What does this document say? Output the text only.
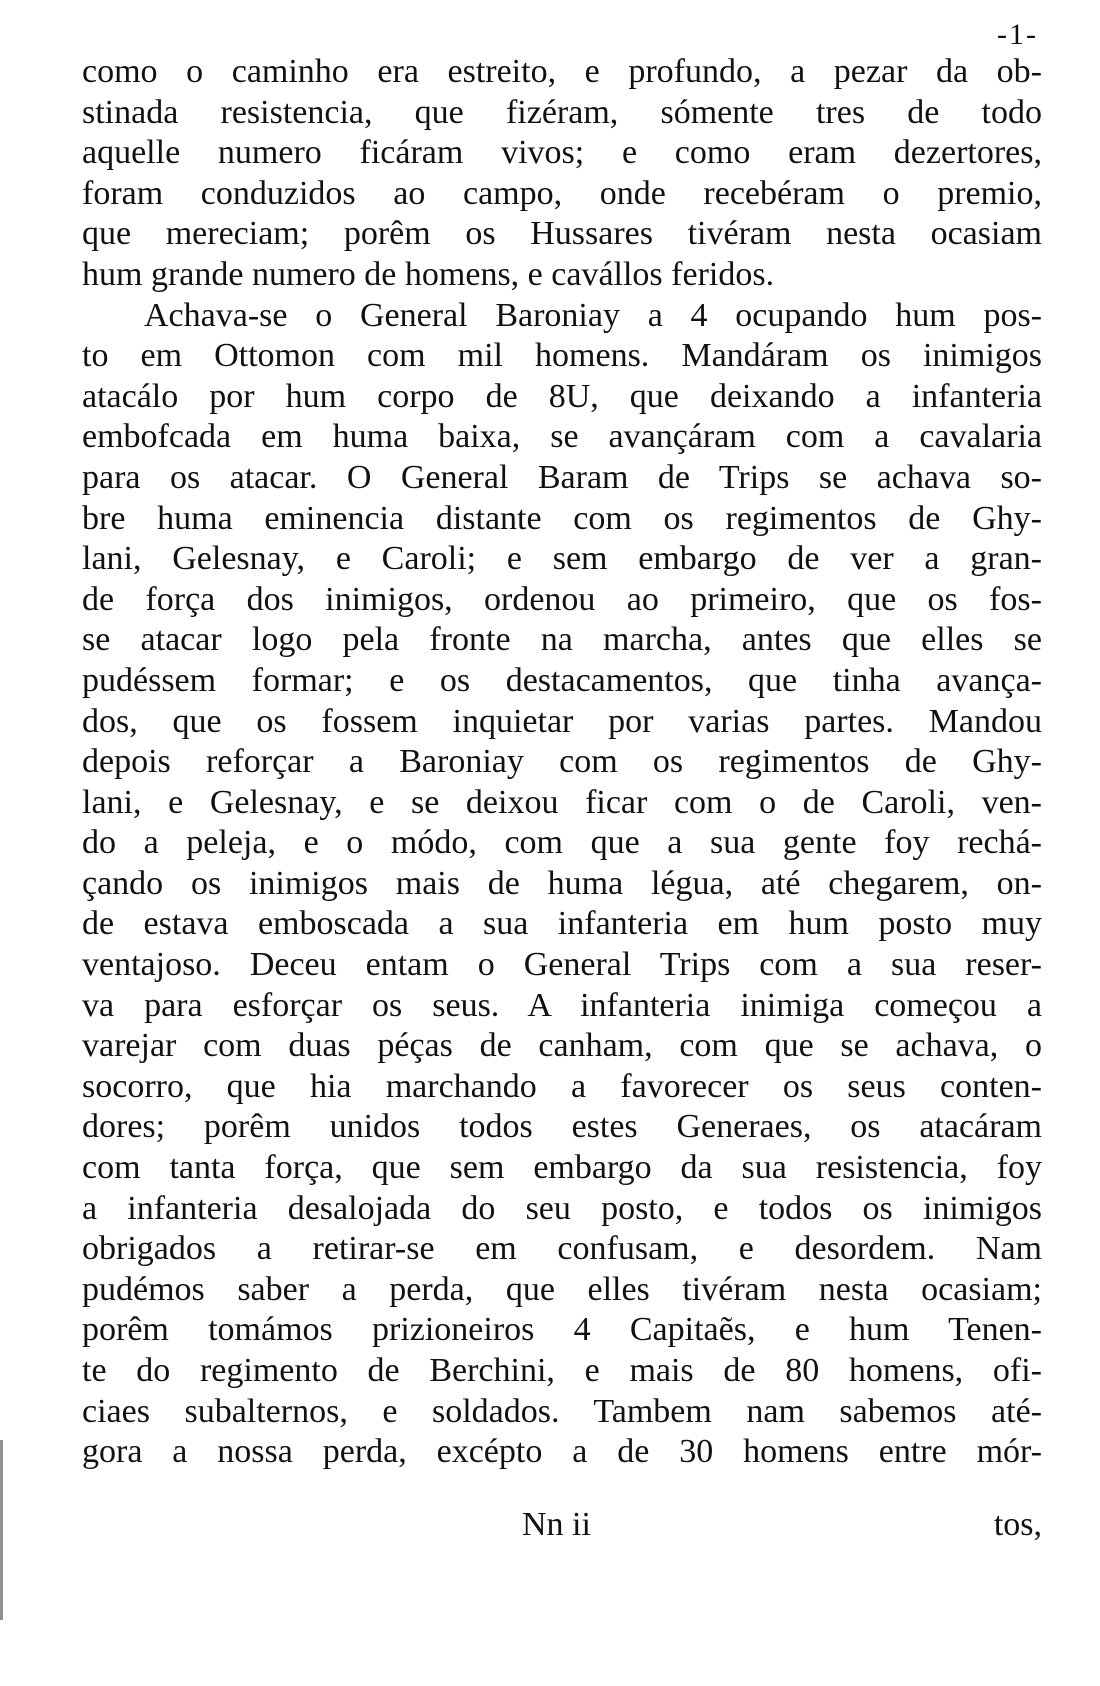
-1-
como o caminho era estreito, e profundo, a pezar da ob-
stinada resistencia, que fizéram, sómente tres de todo
aquelle numero ficáram vivos; e como eram dezertores,
foram conduzidos ao campo, onde recebéram o premio,
que mereciam; porêm os Hussares tivéram nesta ocasiam
hum grande numero de homens, e cavállos feridos.
Achava-se o General Baroniay a 4 ocupando hum pos-
to em Ottomon com mil homens. Mandáram os inimigos
atacálo por hum corpo de 8U, que deixando a infanteria
embofcada em huma baixa, se avançáram com a cavalaria
para os atacar. O General Baram de Trips se achava so-
bre huma eminencia distante com os regimentos de Ghy-
lani, Gelesnay, e Caroli; e sem embargo de ver a gran-
de força dos inimigos, ordenou ao primeiro, que os fos-
se atacar logo pela fronte na marcha, antes que elles se
pudéssem formar; e os destacamentos, que tinha avança-
dos, que os fossem inquietar por varias partes. Mandou
depois reforçar a Baroniay com os regimentos de Ghy-
lani, e Gelesnay, e se deixou ficar com o de Caroli, ven-
do a peleja, e o módo, com que a sua gente foy rechá-
çando os inimigos mais de huma légua, até chegarem, on-
de estava emboscada a sua infanteria em hum posto muy
ventajoso. Deceu entam o General Trips com a sua reser-
va para esforçar os seus. A infanteria inimiga começou a
varejar com duas péças de canham, com que se achava, o
socorro, que hia marchando a favorecer os seus conten-
dores; porêm unidos todos estes Generaes, os atacáram
com tanta força, que sem embargo da sua resistencia, foy
a infanteria desalojada do seu posto, e todos os inimigos
obrigados a retirar-se em confusam, e desordem. Nam
pudémos saber a perda, que elles tivéram nesta ocasiam;
porêm tomámos prizioneiros 4 Capitaẽs, e hum Tenen-
te do regimento de Berchini, e mais de 80 homens, ofi-
ciaes subalternos, e soldados. Tambem nam sabemos até-
gora a nossa perda, excépto a de 30 homens entre mór-
Nn ii	tos,
